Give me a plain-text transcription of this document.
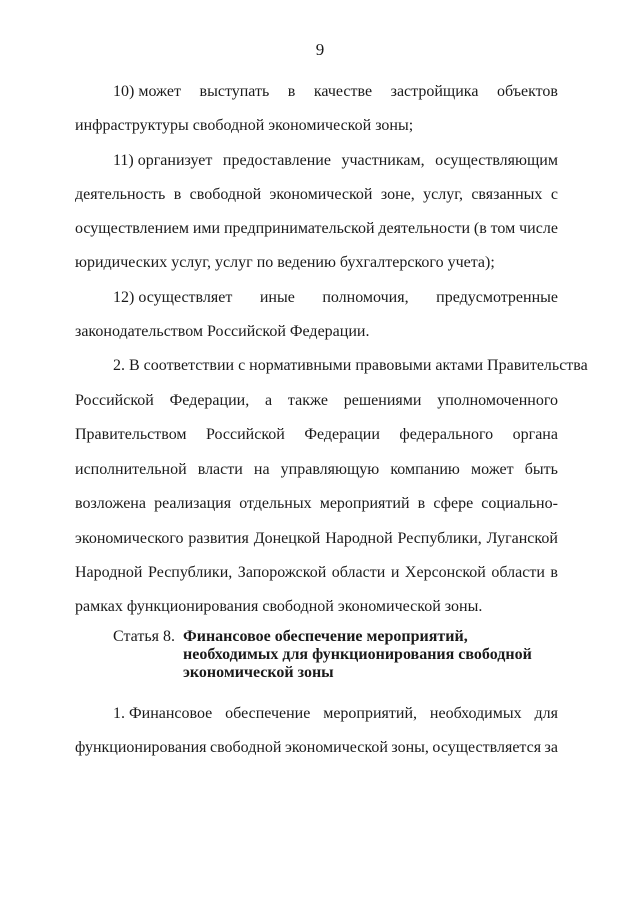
9
10) может выступать в качестве застройщика объектов
инфраструктуры свободной экономической зоны;
11) организует предоставление участникам, осуществляющим
деятельность в свободной экономической зоне, услуг, связанных с
осуществлением ими предпринимательской деятельности (в том числе
юридических услуг, услуг по ведению бухгалтерского учета);
12) осуществляет иные полномочия, предусмотренные
законодательством Российской Федерации.
2. В соответствии с нормативными правовыми актами Правительства
Российской Федерации, а также решениями уполномоченного
Правительством Российской Федерации федерального органа
исполнительной власти на управляющую компанию может быть
возложена реализация отдельных мероприятий в сфере социально-
экономического развития Донецкой Народной Республики, Луганской
Народной Республики, Запорожской области и Херсонской области в
рамках функционирования свободной экономической зоны.
Статья 8. Финансовое обеспечение мероприятий, необходимых для функционирования свободной экономической зоны
1. Финансовое обеспечение мероприятий, необходимых для
функционирования свободной экономической зоны, осуществляется за
